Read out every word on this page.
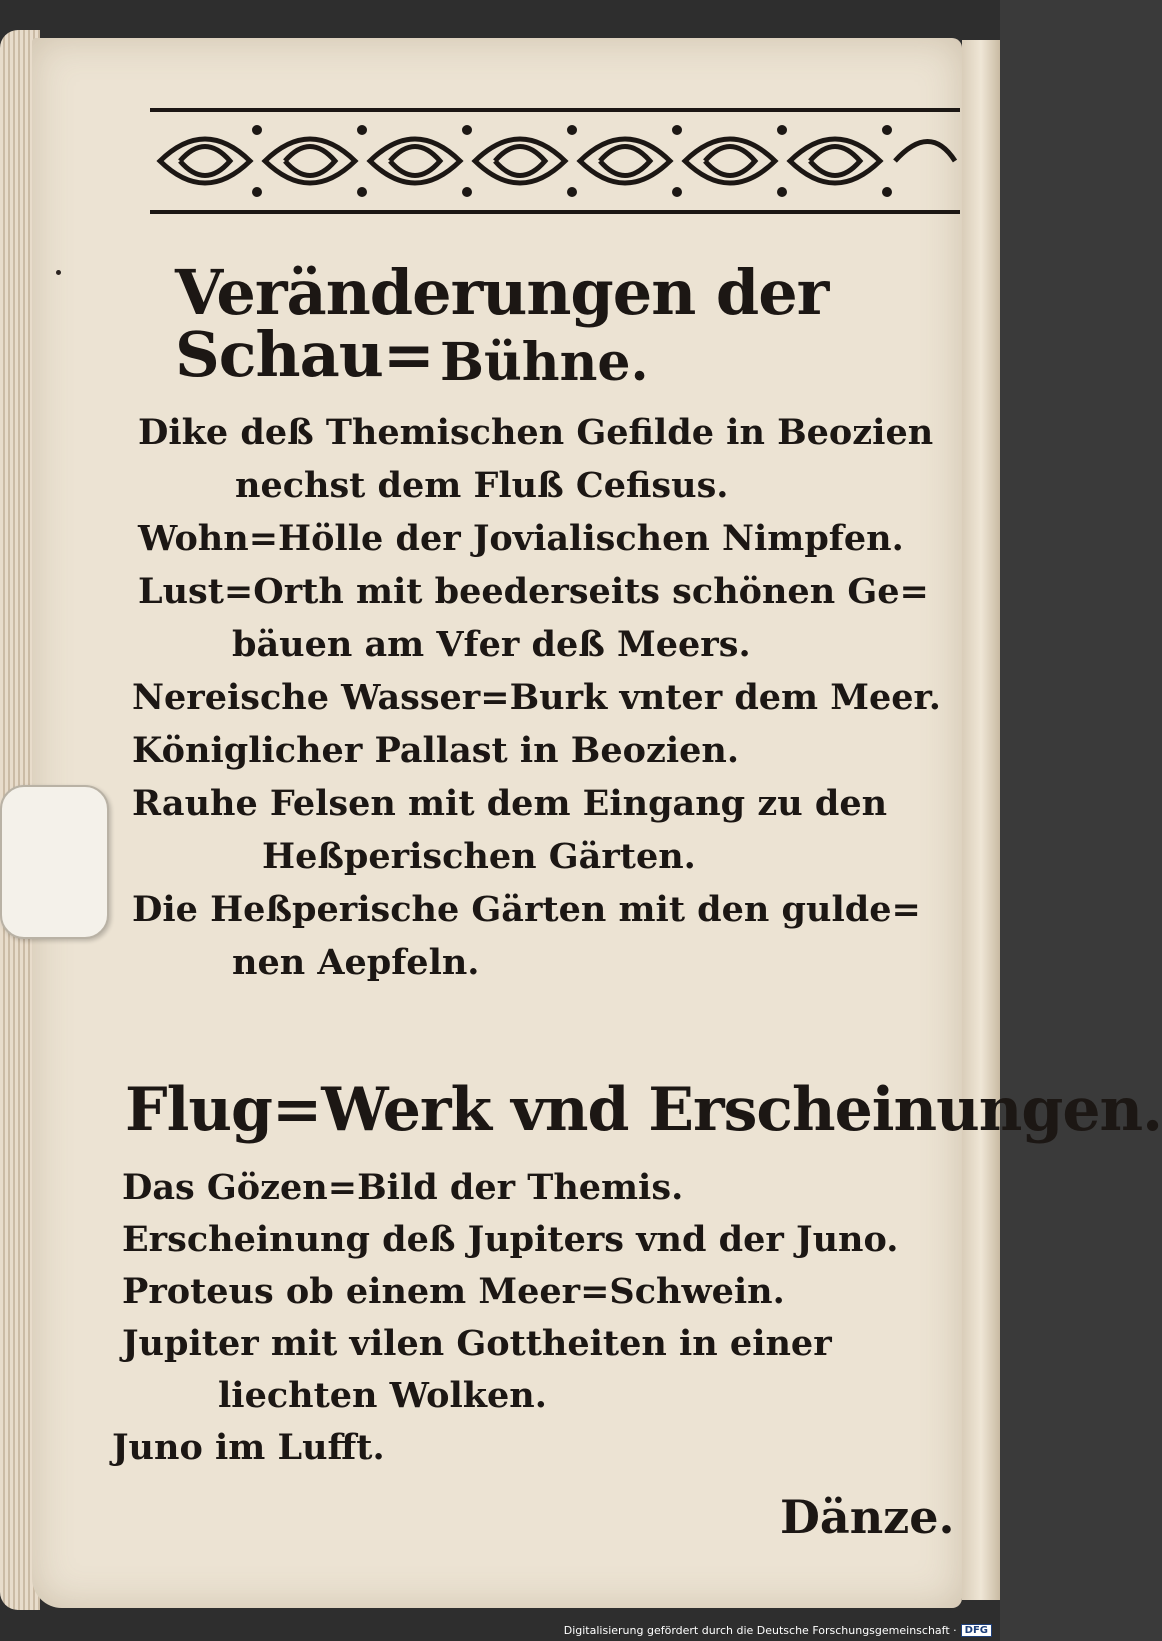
Veränderungen der Schau= Bühne.
Dike deß Themischen Gefilde in Beozien
nechst dem Fluß Cefisus.
Wohn=Hölle der Jovialischen Nimpfen.
Lust=Orth mit beederseits schönen Ge=
bäuen am Vfer deß Meers.
Nereische Wasser=Burk vnter dem Meer.
Königlicher Pallast in Beozien.
Rauhe Felsen mit dem Eingang zu den
Heßperischen Gärten.
Die Heßperische Gärten mit den gulde=
nen Aepfeln.
Flug=Werk vnd Erscheinungen.
Das Gözen=Bild der Themis.
Erscheinung deß Jupiters vnd der Juno.
Proteus ob einem Meer=Schwein.
Jupiter mit vilen Gottheiten in einer
liechten Wolken.
Juno im Lufft.
Dänze.
Digitalisierung gefördert durch die Deutsche Forschungsgemeinschaft · DFG
